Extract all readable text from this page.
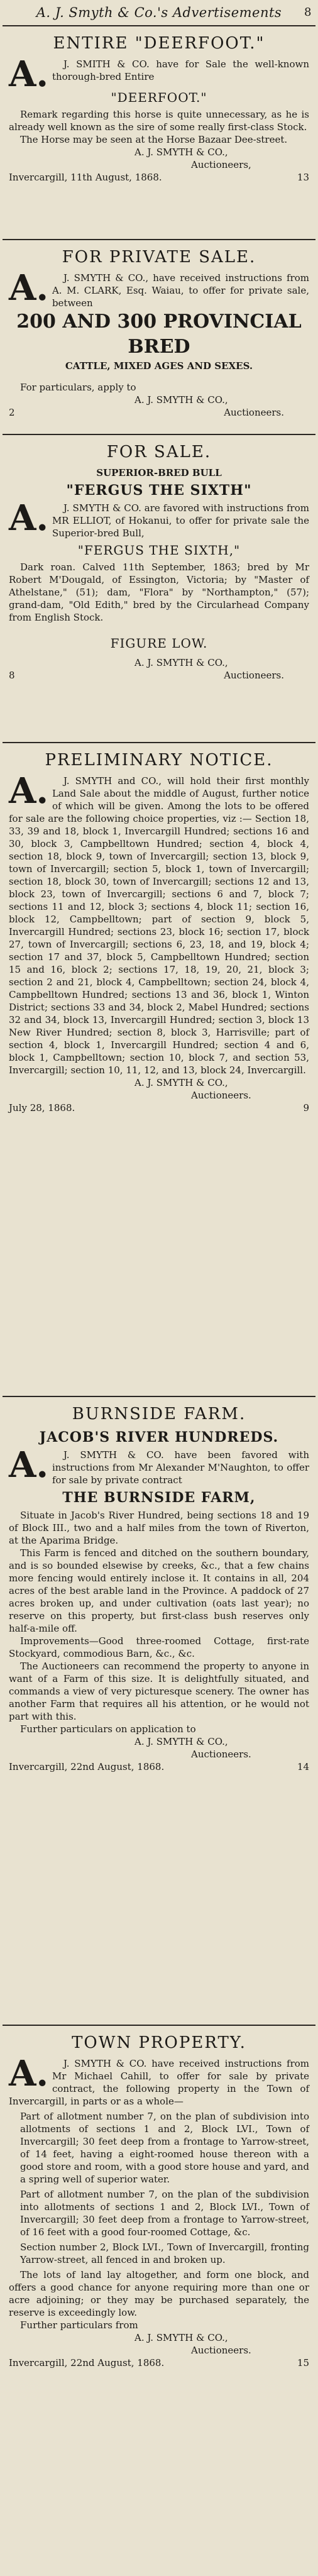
A. J. Smyth & Co.'s Advertisements 8
ENTIRE "DEERFOOT."
A.	J. SMITH & CO. have for Sale the well-known thorough-bred Entire

"DEERFOOT."

Remark regarding this horse is quite unnecessary, as he is already well known as the sire of some really first-class Stock.

The Horse may be seen at the Horse Bazaar Dee-street.

A. J. SMYTH & CO.,
Auctioneers,
Invercargill, 11th August, 1868.	13
FOR PRIVATE SALE.
A.	J. SMYTH & CO., have received instructions from A. M. CLARK, Esq. Waiau, to offer for private sale, between

200 AND 300 PROVINCIAL BRED
CATTLE, MIXED AGES AND SEXES.

For particulars, apply to

A. J. SMYTH & CO.,
2	Auctioneers.
FOR SALE.
SUPERIOR-BRED BULL
"FERGUS THE SIXTH"
A.	J. SMYTH & CO. are favored with instructions from MR ELLIOT, of Hokanui, to offer for private sale the Superior-bred Bull,

"FERGUS THE SIXTH,"

Dark roan. Calved 11th September, 1863; bred by Mr Robert M'Dougald, of Essington, Victoria; by "Master of Athelstane," (51); dam, "Flora" by "Northampton," (57); grand-dam, "Old Edith," bred by the Circularhead Company from English Stock.

FIGURE LOW.
A. J. SMYTH & CO.,
8	Auctioneers.
PRELIMINARY NOTICE.
A.	J. SMYTH and CO., will hold their first monthly Land Sale about the middle of August, further notice of which will be given. Among the lots to be offered for sale are the following choice properties, viz :— Section 18, 33, 39 and 18, block 1, Invercargill Hundred; sections 16 and 30, block 3, Campbelltown Hundred; section 4, block 4, section 18, block 9, town of Invercargill; section 13, block 9, town of Invercargill; section 5, block 1, town of Invercargill; section 18, block 30, town of Invercargill; sections 12 and 13, block 23, town of Invercargill; sections 6 and 7, block 7; sections 11 and 12, block 3; sections 4, block 11; section 16, block 12, Campbelltown; part of section 9, block 5, Invercargill Hundred; sections 23, block 16; section 17, block 27, town of Invercargill; sections 6, 23, 18, and 19, block 4; section 17 and 37, block 5, Campbelltown Hundred; section 15 and 16, block 2; sections 17, 18, 19, 20, 21, block 3; section 2 and 21, block 4, Campbelltown; section 24, block 4, Campbelltown Hundred; sections 13 and 36, block 1, Winton District; sections 33 and 34, block 2, Mabel Hundred; sections 32 and 34, block 13, Invercargill Hundred; section 3, block 13 New River Hundred; section 8, block 3, Harrisville; part of section 4, block 1, Invercargill Hundred; section 4 and 6, block 1, Campbelltown; section 10, block 7, and section 53, Invercargill; section 10, 11, 12, and 13, block 24, Invercargill.

A. J. SMYTH & CO.,
Auctioneers.
July 28, 1868.	9
BURNSIDE FARM.
JACOB'S RIVER HUNDREDS.
A.	J. SMYTH & CO. have been favored with instructions from Mr Alexander M'Naughton, to offer for sale by private contract

THE BURNSIDE FARM,

Situate in Jacob's River Hundred, being sections 18 and 19 of Block III., two and a half miles from the town of Riverton, at the Aparima Bridge.

This Farm is fenced and ditched on the southern boundary, and is so bounded elsewise by creeks, &c., that a few chains more fencing would entirely inclose it. It contains in all, 204 acres of the best arable land in the Province. A paddock of 27 acres broken up, and under cultivation (oats last year); no reserve on this property, but first-class bush reserves only half-a-mile off.

Improvements—Good three-roomed Cottage, first-rate Stockyard, commodious Barn, &c., &c.

The Auctioneers can recommend the property to anyone in want of a Farm of this size. It is delightfully situated, and commands a view of very picturesque scenery. The owner has another Farm that requires all his attention, or he would not part with this.

Further particulars on application to

A. J. SMYTH & CO.,
Auctioneers.
Invercargill, 22nd August, 1868.	14
TOWN PROPERTY.
A.	J. SMYTH & CO. have received instructions from Mr Michael Cahill, to offer for sale by private contract, the following property in the Town of Invercargill, in parts or as a whole—

Part of allotment number 7, on the plan of subdivision into allotments of sections 1 and 2, Block LVI., Town of Invercargill; 30 feet deep from a frontage to Yarrow-street, of 14 feet, having a eight-roomed house thereon with a good store and room, with a good store house and yard, and a spring well of superior water.

Part of allotment number 7, on the plan of the subdivision into allotments of sections 1 and 2, Block LVI., Town of Invercargill; 30 feet deep from a frontage to Yarrow-street, of 16 feet with a good four-roomed Cottage, &c.

Section number 2, Block LVI., Town of Invercargill, fronting Yarrow-street, all fenced in and broken up.

The lots of land lay altogether, and form one block, and offers a good chance for anyone requiring more than one or acre adjoining; or they may be purchased separately, the reserve is exceedingly low.

Further particulars from

A. J. SMYTH & CO.,
Auctioneers.
Invercargill, 22nd August, 1868.	15
